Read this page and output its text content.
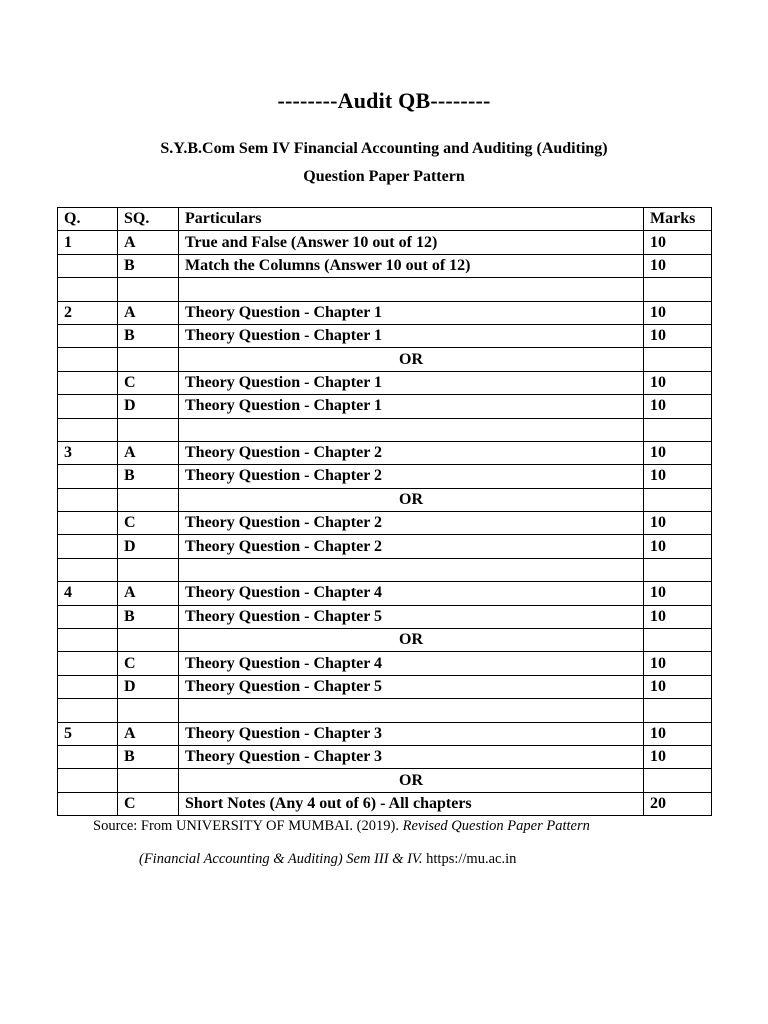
--------Audit QB--------
S.Y.B.Com Sem IV Financial Accounting and Auditing (Auditing)
Question Paper Pattern
Q.	SQ.	Particulars	Marks
1	A	True and False (Answer 10 out of 12)	10
	B	Match the Columns (Answer 10 out of 12)	10

2	A	Theory Question - Chapter 1	10
	B	Theory Question - Chapter 1	10
		OR	
	C	Theory Question - Chapter 1	10
	D	Theory Question - Chapter 1	10

3	A	Theory Question - Chapter 2	10
	B	Theory Question - Chapter 2	10
		OR	
	C	Theory Question - Chapter 2	10
	D	Theory Question - Chapter 2	10

4	A	Theory Question - Chapter 4	10
	B	Theory Question - Chapter 5	10
		OR	
	C	Theory Question - Chapter 4	10
	D	Theory Question - Chapter 5	10

5	A	Theory Question - Chapter 3	10
	B	Theory Question - Chapter 3	10
		OR	
	C	Short Notes (Any 4 out of 6) - All chapters	20
Source: From UNIVERSITY OF MUMBAI. (2019). Revised Question Paper Pattern
(Financial Accounting & Auditing) Sem III & IV. https://mu.ac.in
